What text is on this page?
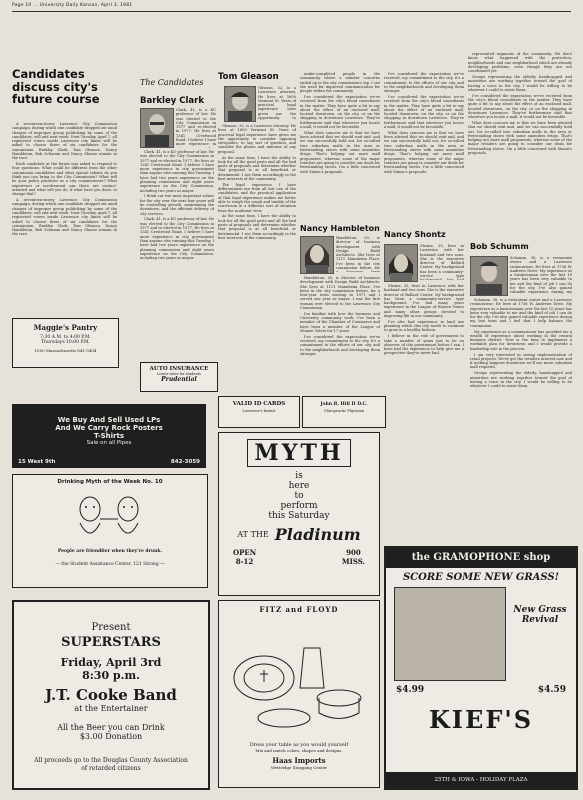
Page 10 ... University Daily Kansan, April 3, 1981
Candidates discuss city's future course

A seventeen-storey Lawrence City Commission campaign, during which one candidate dropped out amid charges of improper group politicking by some of the candidates, will end next week. Next Tuesday, April 7, all registered voters inside Lawrence city limits will be asked to choose three of six candidates for the commission. Barkley Clark, Tom Gleason, Nancy Hambleton, Bob Schumm and Nancy Shontz remain in the race.

Each candidate at the forum was asked to respond to four questions: What could be different from the other commission candidates and what special talents do you think you can bring to the City Commission? What will be your policy priorities as a city commissioner? What experience or involvement can there are contact-oriented and what will you do, if what have you done, to change that?

A seventeen-storey Lawrence City Commission campaign, during which one candidate dropped out amid charges of improper group politicking by some of the candidates, will end next week. Next Tuesday, April 7, all registered voters inside Lawrence city limits will be asked to choose three of six candidates for the commission. Barkley Clark, Tom Gleason, Nancy Hambleton, Bob Schumm and Nancy Shontz remain in the race.

Maggie's Pantry
7:30 A.M. to 4:00 P.M.
Thursdays 10:00 P.M.
1000 Massachusetts 841-5404
The Candidates
Barkley Clark

Clark, 41, is a KU professor of law. He was elected to the City Commission in 1977 and re-elected in 1977. He lives at 1341 Crestwood Road. I believe I have more experience in city government than anyone else running this Tuesday. I have had two years experience on the planning commission and eight years experience on the City Commission, including two years as mayor.

I think our two most important values for the city over the next four years will be controlling growth, maintaining the downtown, and the efficient delivery of city services.

Clark, 41, is a KU professor of law. He was elected to the City Commission in 1977 and re-elected in 1977. He lives at 1341 Crestwood Road. I believe I have more experience in city government than anyone else running this Tuesday. I have had two years experience on the planning commission and eight years experience on the City Commission, including two years as mayor.

Clark, 41, is a KU professor of law. He was elected to the City Commission in 1977 and re-elected in 1977. He lives at 1341 Crestwood Road. I believe I have more experience in

AUTO INSURANCE
Lower rates for students
Prudential
Tom Gleason

Gleason, 32, is a Lawrence attorney. He lives at 1600 Vermont St. Years of practical legal experience have given me the opportunity to

Gleason, 32, is a Lawrence attorney. He lives at 1600 Vermont St. Years of practical legal experience have given me the opportunity to consider opposing viewpoints, to say sort of question, and consider the pluses and minuses of any proposal.

At the same time, I have the ability to look for all the good parts and all the bad parts of proposals and determine whether that proposal is at all beneficial or detrimental. I see them accordingly in the best interests of the community.

The legal experience I have differentiates me from all but one of the candidates, and the practical application of that legal experience makes me better able to weigh the rough and tumble of the courtroom in a different sort of situation from the academic view.

At the same time, I have the ability to look for all the good parts and all the bad parts of proposals and determine whether that proposal is at all beneficial or detrimental. I see them accordingly in the best interests of the community.

under-completed people in the community where a number concerns ended up in the city commission's lap. I see the need for improved communication for people within the community.

I've considered the expectation we've received from the city's blend consultants in the matter. They have quite a bit to say about the effect of an enclosed mall, located downtown, on the city, or on the shopping in downtown Lawrence. They've furthermore said that wherever you locate a mall, it would not be favorable.

What does concern me is that we have been advised that we should wait and, and we can successfully hold out, for so-called true suburban malls in the area or freestanding stores with some amenities drugs. That's helping out more mall proponents, whereas some of the major retailers are going to consider our deals for freestanding stores. I'm a little concerned with Simon's proposals.

Nancy Hambleton

Hambleton, 50, is director of business development with Design Build Architects. She lives at 1111 Mannheim Place. I've been in the city commission before, for

Hambleton, 50, is director of business development with Design Build Architects. She lives at 1111 Mannheim Place. I've been in the city commission before, for a four-year term starting in 1971 and I served one year as mayor. I was the first woman ever elected to the Lawrence City Commission.

I'm familiar with how the business and University community work. I've been a member of the Chamber of Commerce and have been a member of the League of Women Voters for 17 years.

I've considered the expectation we've received; my commitment to the city, it's a commitment to the efforts of our city and to the neighborhoods and developing them stronger.

I've considered the expectation we've received; my commitment to the city, it's a commitment to the efforts of our city and to the neighborhoods and developing them stronger.

I've considered the expectation we've received from the city's blend consultants in the matter. They have quite a bit to say about the effect of an enclosed mall, located downtown, on the city, or on the shopping in downtown Lawrence. They've furthermore said that wherever you locate a mall, it would not be favorable.

What does concern me is that we have been advised that we should wait and, and we can successfully hold out, for so-called true suburban malls in the area or freestanding stores with some amenities drugs. That's helping out more mall proponents, whereas some of the major retailers are going to consider our deals for freestanding stores. I'm a little concerned with Simon's proposals.

Nancy Shontz

Shontz, 33, lives in Lawrence with her husband and two sons. She is the executive director of Ballard Center. My background has been a community-service type

Shontz, 33, lives in Lawrence with her husband and two sons. She is the executive director of Ballard Center. My background has been a community-service type background. I've had many years experience in the League of Women Voters and many other groups devoted to improving life in our community.

I've also had experience in land use planning which this city needs to continue to grow in a healthy fashion.

I believe in the role of government to take a number of years just to be an observer of city government before I ran. I have had the experience to help give me a perspective they've never had.

represented segments of the community. We don't know what happened with the protection, neighborhoods and one neighborhood which are already developing problems, even though they are not coordinated yet.

Groups representing the elderly, handicapped and minorities are working together toward the goal of having a voice in the city. I would be willing to be whatever I could to assist them.

I've considered the expectation we've received from the city's blend consultants in the matter. They have quite a bit to say about the effect of an enclosed mall, located downtown, on the city, or on the shopping in downtown Lawrence. They've furthermore said that wherever you locate a mall, it would not be favorable.

What does concern me is that we have been advised that we should wait and, and we can successfully hold out, for so-called true suburban malls in the area or freestanding stores with some amenities drugs. That's helping out more mall proponents, whereas some of the major retailers are going to consider our deals for freestanding stores. I'm a little concerned with Simon's proposals.

Bob Schumm

Schumm, 38, is a restaurant owner and a Lawrence restaurateur. He lives at 1736 W. Andrews Drive. My experience as a businessman over the last 10 years has been very valuable to me and the kind of job I can do for the city. I've also gained valuable experience during my

Schumm, 38, is a restaurant owner and a Lawrence restaurateur. He lives at 1736 W. Andrews Drive. My experience as a businessman over the last 10 years has been very valuable to me and the kind of job I can do for the city. I've also gained valuable experience during my last term and I feel that I help balance the commission.

My experience as a commissioner has provided me a wealth of experience about working in the central business district. Now is the time to implement a workable plan for downtown and I would provide a leadership role in the process.

I am very interested in seeing implementation of retail projects. We've got the retailers interest now and if nothing happens downtown we'll see more suburban mall requests.

Groups representing the elderly, handicapped and minorities are working together toward the goal of having a voice in the city. I would be willing to be whatever I could to assist them.

VALID ID CARDS
Lawrence's fastest
John R. Hill II D.C.
Chiropractic Physician
We Buy And Sell Used LPs
And We Carry Rock Posters
T-Shirts
Sale on all Pipes
15 West 9th	842-3059
Drinking Myth of the Week No. 10
People are friendlier when they're drunk.
— the Student Assistance Center, 121 Strong —
Present
SUPERSTARS
Friday, April 3rd
8:30 p.m.
J.T. Cooke Band
at the Entertainer
All the Beer you can Drink
$3.00 Donation
All proceeds go to the Douglas County Association of retarded citizens
MYTH
is
here
to
perform
this Saturday
AT THE Pladinum
OPEN
8-12
900
MISS.
FITZ and FLOYD
Dress your table as you would yourself
Mix and match colors, shapes and designs.
Haas Imports
Westridge Shopping Center
the GRAMOPHONE shop
SCORE SOME NEW GRASS!
New Grass Revival
$4.99	$4.59
KIEF'S
25TH & IOWA - HOLIDAY PLAZA
